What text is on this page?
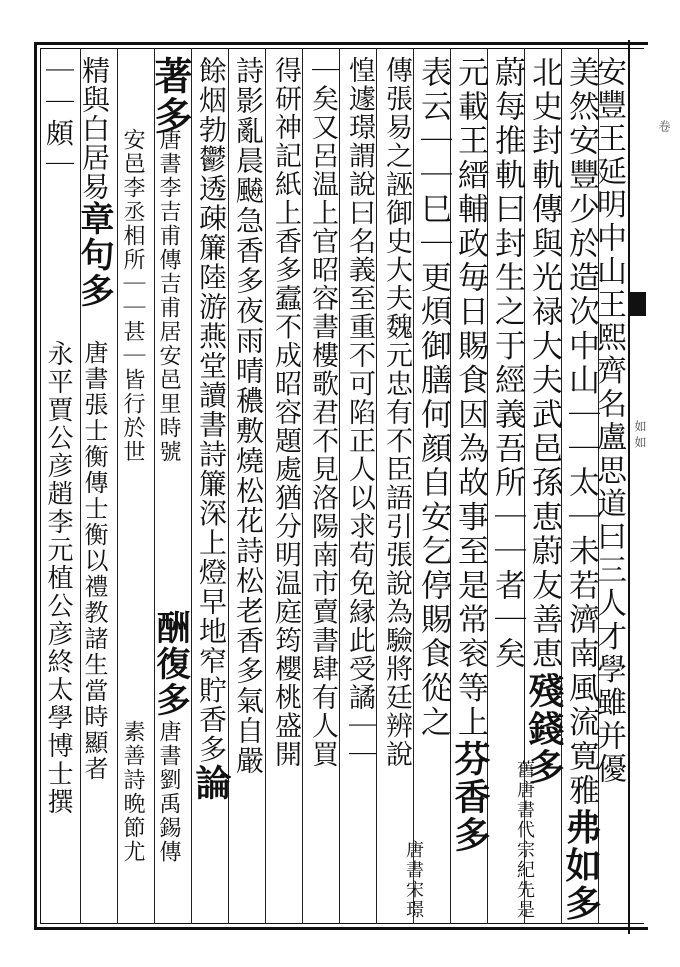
如 如
卷
安豐王延明中山王熙齊名盧思道曰三人才學雖并優
美然安豐少於造次中山｜｜太｜未若濟南風流寛雅弗如多
北史封軌傳與光禄大夫武邑孫恵蔚友善恵殘錢多
舊唐書代宗紀先是
蔚每推軌曰封生之于經義吾所｜｜者｜矣
元載王縉輔政毎日賜食因為故事至是常衮等上芬香多
表云｜｜巳｜更煩御膳何顔自安乞停賜食從之
唐書宋璟
傳張易之誣御史大夫魏元忠有不臣語引張說為驗將廷辨說
惶遽璟謂說曰名義至重不可陷正人以求苟免縁此受譎｜｜
｜矣又呂温上官昭容書樓歌君不見洛陽南市賣書肆有人買
得研神記紙上香多蠧不成昭容題處猶分明温庭筠櫻桃盛開
詩影亂晨飇急香多夜雨晴穠敷燒松花詩松老香多氣自嚴
餘烟勃鬱透疎簾陸游燕堂讀書詩簾深上燈早地窄貯香多論
著多
唐書李吉甫傳吉甫居安邑里時號
安邑李丞相所｜｜甚｜皆行於世
酬復多
唐書劉禹錫傳
素善詩晩節尤
精與白居易章句多
唐書張士衡傳士衡以禮教諸生當時顯者
｜｜頗｜
永平賈公彦趙李元植公彦終太學博士撰
